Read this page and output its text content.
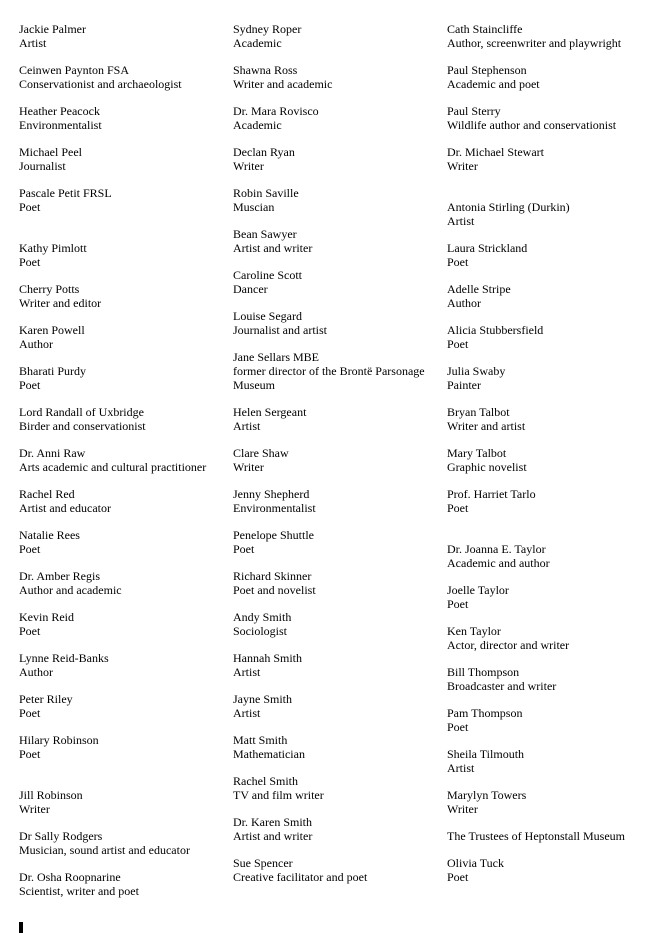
Jackie Palmer
Artist
Ceinwen Paynton FSA
Conservationist and archaeologist
Heather Peacock
Environmentalist
Michael Peel
Journalist
Pascale Petit FRSL
Poet
Kathy Pimlott
Poet
Cherry Potts
Writer and editor
Karen Powell
Author
Bharati Purdy
Poet
Lord Randall of Uxbridge
Birder and conservationist
Dr. Anni Raw
Arts academic and cultural practitioner
Rachel Red
Artist and educator
Natalie Rees
Poet
Dr. Amber Regis
Author and academic
Kevin Reid
Poet
Lynne Reid-Banks
Author
Peter Riley
Poet
Hilary Robinson
Poet
Jill Robinson
Writer
Dr Sally Rodgers
Musician, sound artist and educator
Dr. Osha Roopnarine
Scientist, writer and poet
Sydney Roper
Academic
Shawna Ross
Writer and academic
Dr. Mara Rovisco
Academic
Declan Ryan
Writer
Robin Saville
Muscian
Bean Sawyer
Artist and writer
Caroline Scott
Dancer
Louise Segard
Journalist and artist
Jane Sellars MBE
former director of the Brontë Parsonage Museum
Helen Sergeant
Artist
Clare Shaw
Writer
Jenny Shepherd
Environmentalist
Penelope Shuttle
Poet
Richard Skinner
Poet and novelist
Andy Smith
Sociologist
Hannah Smith
Artist
Jayne Smith
Artist
Matt Smith
Mathematician
Rachel Smith
TV and film writer
Dr. Karen Smith
Artist and writer
Sue Spencer
Creative facilitator and poet
Cath Staincliffe
Author, screenwriter and playwright
Paul Stephenson
Academic and poet
Paul Sterry
Wildlife author and conservationist
Dr. Michael Stewart
Writer
Antonia Stirling (Durkin)
Artist
Laura Strickland
Poet
Adelle Stripe
Author
Alicia Stubbersfield
Poet
Julia Swaby
Painter
Bryan Talbot
Writer and artist
Mary Talbot
Graphic novelist
Prof. Harriet Tarlo
Poet
Dr. Joanna E. Taylor
Academic and author
Joelle Taylor
Poet
Ken Taylor
Actor, director and writer
Bill Thompson
Broadcaster and writer
Pam Thompson
Poet
Sheila Tilmouth
Artist
Marylyn Towers
Writer
The Trustees of Heptonstall Museum
Olivia Tuck
Poet
